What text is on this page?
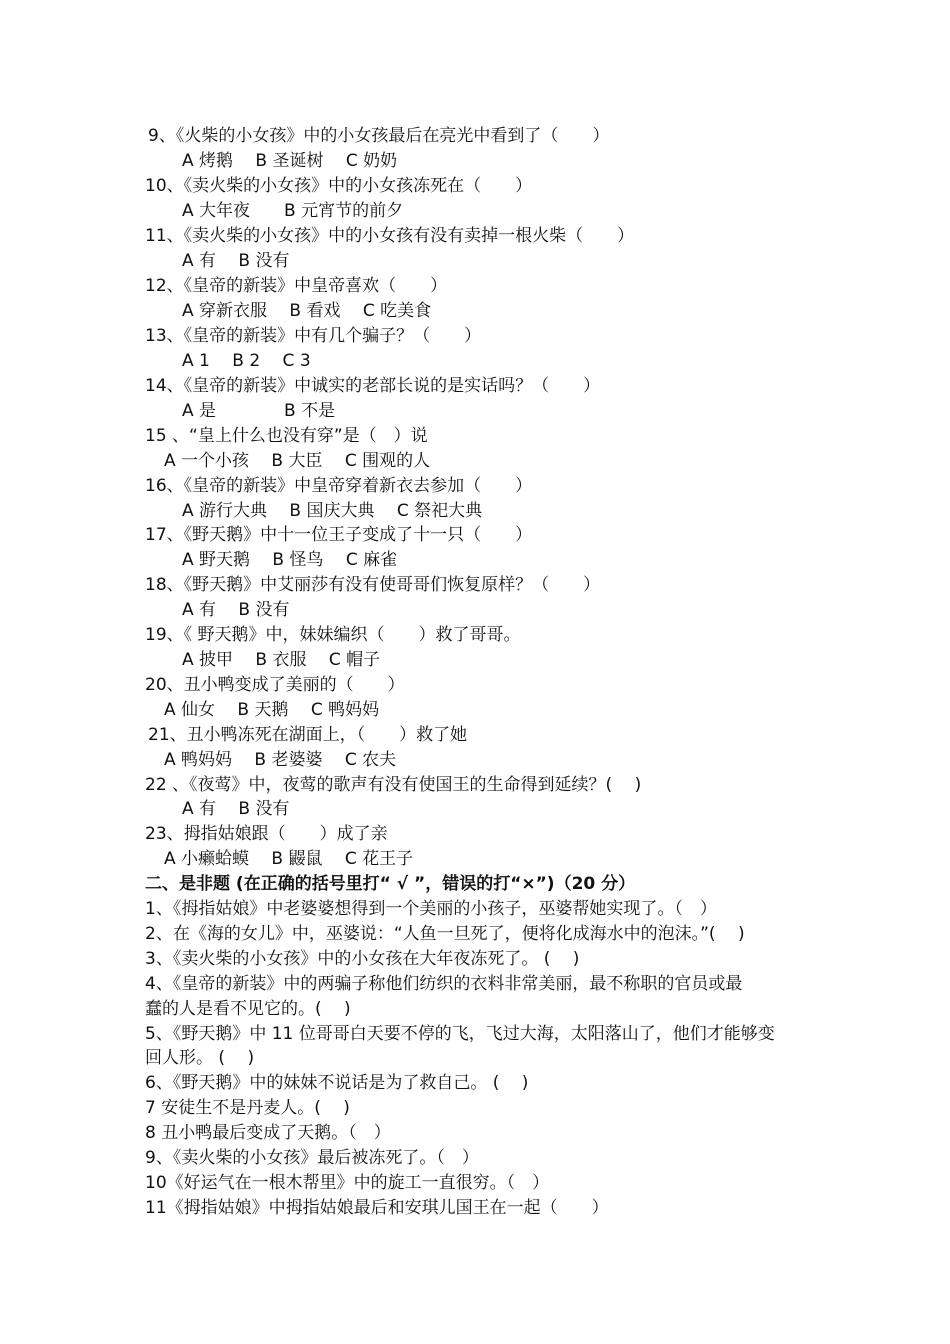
9、《火柴的小女孩》中的小女孩最后在亮光中看到了（　　）
A 烤鹅　 B 圣诞树　 C 奶奶
10、《卖火柴的小女孩》中的小女孩冻死在（　　）
A 大年夜　　B 元宵节的前夕
11、《卖火柴的小女孩》中的小女孩有没有卖掉一根火柴（　　）
A 有　 B 没有
12、《皇帝的新装》中皇帝喜欢（　　）
A 穿新衣服　 B 看戏　 C 吃美食
13、《皇帝的新装》中有几个骗子？（　　）
A 1　 B 2　 C 3
14、《皇帝的新装》中诚实的老部长说的是实话吗？（　　）
A 是　　　　B 不是
15 、“皇上什么也没有穿”是（　）说
A 一个小孩　 B 大臣　 C 围观的人
16、《皇帝的新装》中皇帝穿着新衣去参加（　　）
A 游行大典　 B 国庆大典　 C 祭祀大典
17、《野天鹅》中十一位王子变成了十一只（　　）
A 野天鹅　 B 怪鸟　 C 麻雀
18、《野天鹅》中艾丽莎有没有使哥哥们恢复原样？（　　）
A 有　 B 没有
19、《 野天鹅》中，妹妹编织（　　）救了哥哥。
A 披甲　 B 衣服　 C 帽子
20、丑小鸭变成了美丽的（　　）
A 仙女　 B 天鹅　 C 鸭妈妈
21、丑小鸭冻死在湖面上，（　　）救了她
A 鸭妈妈　 B 老婆婆　 C 农夫
22 、《夜莺》中，夜莺的歌声有没有使国王的生命得到延续？(　 )
A 有　 B 没有
23、拇指姑娘跟（　　）成了亲
A 小癞蛤蟆　 B 鼹鼠　 C 花王子
二、是非题 (在正确的括号里打“ √ ”，错误的打“×”)（20 分）
1、《拇指姑娘》中老婆婆想得到一个美丽的小孩子，巫婆帮她实现了。（　）
2、在《海的女儿》中，巫婆说：“人鱼一旦死了，便将化成海水中的泡沫。”(　 )
3、《卖火柴的小女孩》中的小女孩在大年夜冻死了。 (　 )
4、《皇帝的新装》中的两骗子称他们纺织的衣料非常美丽，最不称职的官员或最
蠢的人是看不见它的。(　 )
5、《野天鹅》中 11 位哥哥白天要不停的飞，飞过大海，太阳落山了，他们才能够变
回人形。 (　 )
6、《野天鹅》中的妹妹不说话是为了救自己。 (　 )
7 安徒生不是丹麦人。(　 )
8 丑小鸭最后变成了天鹅。（　）
9、《卖火柴的小女孩》最后被冻死了。（　）
10《好运气在一根木帮里》中的旋工一直很穷。（　）
11《拇指姑娘》中拇指姑娘最后和安琪儿国王在一起（　　）
